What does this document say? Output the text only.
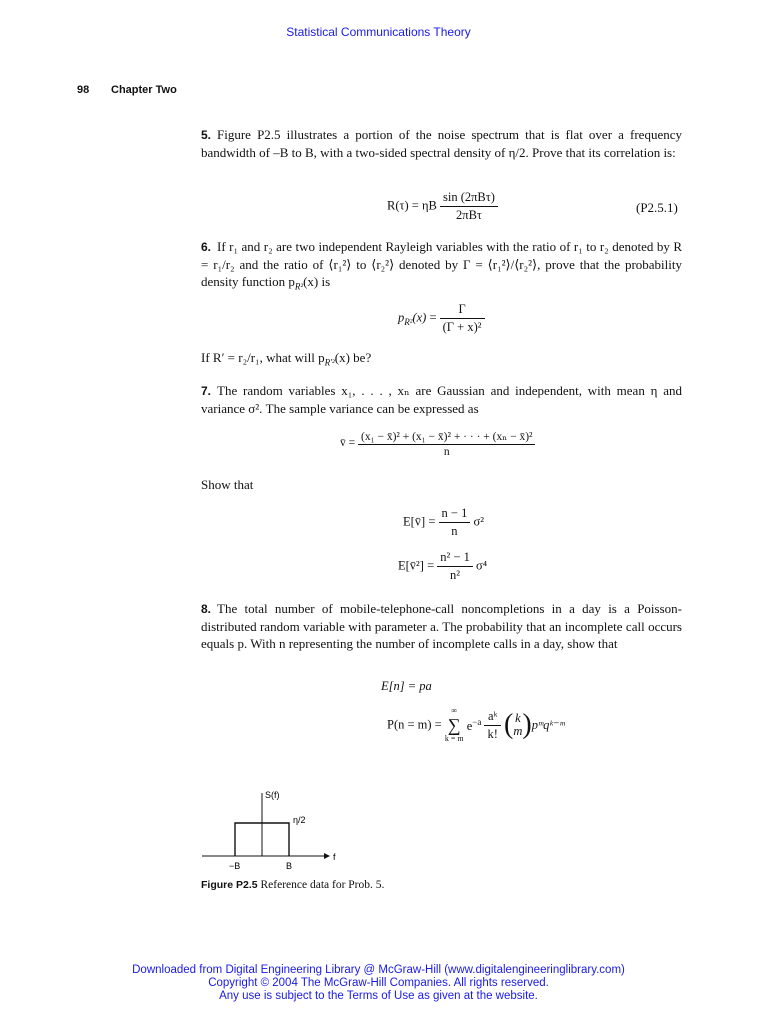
Statistical Communications Theory
98 Chapter Two
5. Figure P2.5 illustrates a portion of the noise spectrum that is flat over a frequency bandwidth of –B to B, with a two-sided spectral density of η/2. Prove that its correlation is:
R(τ) = ηB $\frac{\text{sin (2πBτ)}}{\text{2πBτ}}$	(P2.5.1)
6. If r₁ and r₂ are two independent Rayleigh variables with the ratio of r₁ to r₂ denoted by R = r₁/r₂ and the ratio of ⟨r₁²⟩ to ⟨r₂²⟩ denoted by Γ = ⟨r₁²⟩/⟨r₂²⟩, prove that the probability density function $p_{R^2}(x)$ is
$p_{R^2}(x) = \frac{\Gamma}{\text{(Γ + x)²}}$
If R′ = r₂/r₁, what will $p_{R'^2}(x)$ be?
7. The random variables x₁, . . . , xₙ are Gaussian and independent, with mean η and variance σ². The sample variance can be expressed as
v̄ = $\frac{\text{(x₁ − x̄)² + (x₁ − x̄)² + · · · + (xₙ − x̄)²}}{n}$
Show that
E[v̄] = $\frac{n - 1}{n} \sigma^2$
E[v̄²] = $\frac{\text{n² − 1}}{\text{n²}} \sigma^4$
8. The total number of mobile-telephone-call noncompletions in a day is a Poisson-distributed random variable with parameter a. The probability that an incomplete call occurs equals p. With n representing the number of incomplete calls in a day, show that
E[n] = pa
P(n = m) =
∞
∑
k = m
$e^{-a} \frac{\text{aᵏ}}{k!}$ ( k
m )pᵐqᵏ⁻ᵐ
S(f)
η/2
−B	B
f
Figure P2.5 Reference data for Prob. 5.
Downloaded from Digital Engineering Library @ McGraw-Hill (www.digitalengineeringlibrary.com)
Copyright © 2004 The McGraw-Hill Companies. All rights reserved.
Any use is subject to the Terms of Use as given at the website.
